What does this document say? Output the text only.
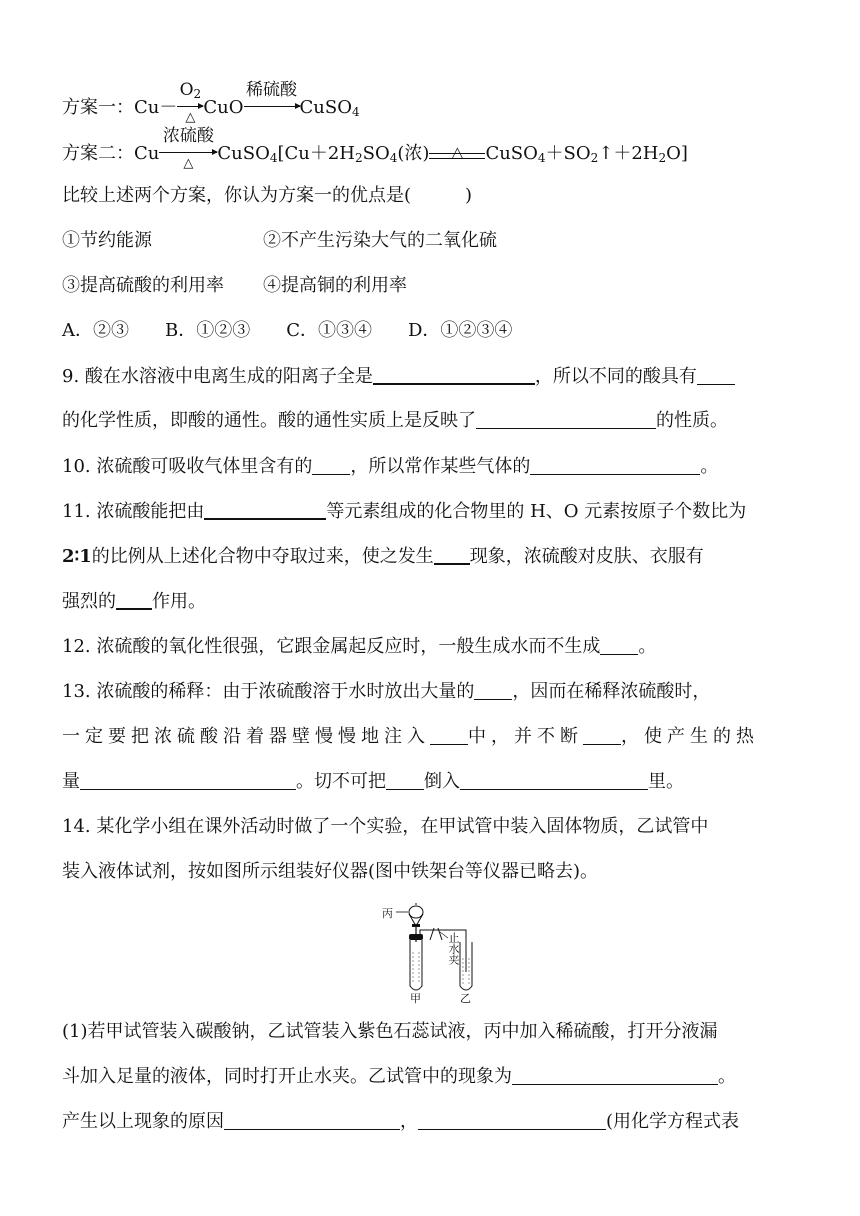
方案一：Cu－
$O_2$
△ CuO
稀硫酸
CuSO$_4$
方案二：Cu
浓硫酸
△	$CuSO_4[Cu+2H_2SO_4$(浓)	△	$CuSO_4+SO_2↑+2H_2O$]
比较上述两个方案，你认为方案一的优点是(　　　)
①节约能源	②不产生污染大气的二氧化硫
③提高硫酸的利用率 ④提高铜的利用率
A．②③　　B．①②③　　C．①③④　　D．①②③④
9. 酸在水溶液中电离生成的阳离子全是	，所以不同的酸具有
的化学性质，即酸的通性。酸的通性实质上是反映了	的性质。
10. 浓硫酸可吸收气体里含有的 ，所以常作某些气体的	。
11. 浓硫酸能把由	等元素组成的化合物里的 H、O 元素按原子个数比为
2∶1的比例从上述化合物中夺取过来，使之发生 现象，浓硫酸对皮肤、衣服有
强烈的 作用。
12. 浓硫酸的氧化性很强，它跟金属起反应时，一般生成水而不生成 。
13. 浓硫酸的稀释：由于浓硫酸溶于水时放出大量的 ，因而在稀释浓硫酸时，
一定要把浓硫酸沿着器壁慢慢地注入 中，并不断 ，使产生的热
量	。切不可把 倒入	里。
14. 某化学小组在课外活动时做了一个实验，在甲试管中装入固体物质，乙试管中
装入液体试剂，按如图所示组装好仪器(图中铁架台等仪器已略去)。
丙
甲	乙
止水夹
(1)若甲试管装入碳酸钠，乙试管装入紫色石蕊试液，丙中加入稀硫酸，打开分液漏
斗加入足量的液体，同时打开止水夹。乙试管中的现象为	。
产生以上现象的原因	，	(用化学方程式表
